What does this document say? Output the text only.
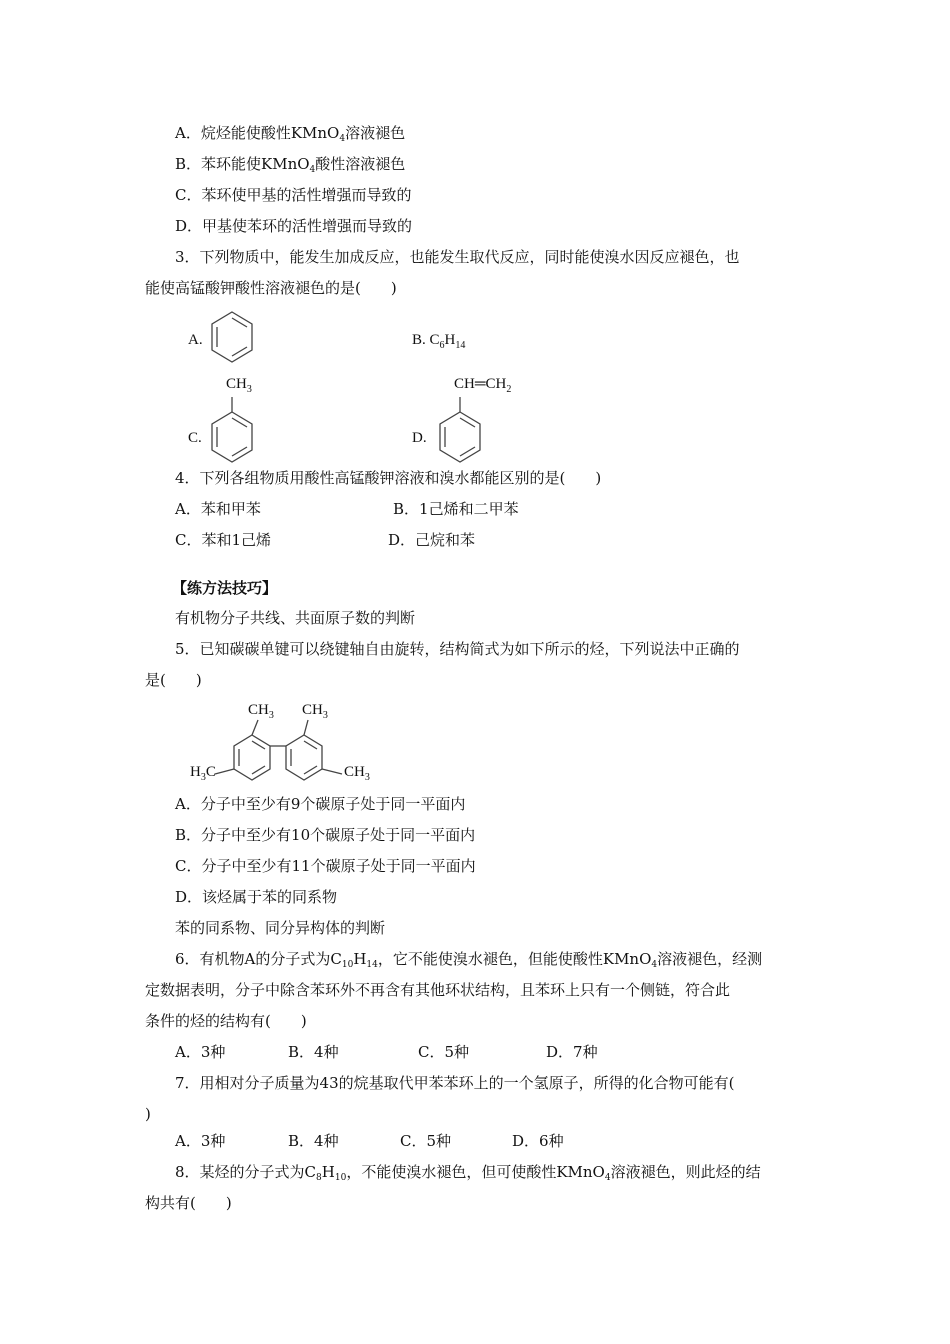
A．烷烃能使酸性KMnO$_4$溶液褪色
B．苯环能使KMnO$_4$酸性溶液褪色
C．苯环使甲基的活性增强而导致的
D．甲基使苯环的活性增强而导致的
3．下列物质中，能发生加成反应，也能发生取代反应，同时能使溴水因反应褪色，也
能使高锰酸钾酸性溶液褪色的是(　　)
A.	B. $C_6H_{14}$
$CH_3$
C.
$CH═CH_2$
D.
4．下列各组物质用酸性高锰酸钾溶液和溴水都能区别的是(　　)
A．苯和甲苯	B．1己烯和二甲苯
C．苯和1己烯	D．己烷和苯
【练方法技巧】
有机物分子共线、共面原子数的判断
5．已知碳碳单键可以绕键轴自由旋转，结构简式为如下所示的烃，下列说法中正确的
是(　　)
$CH_3$ $CH_3$
$H_3C$	$CH_3$
A．分子中至少有9个碳原子处于同一平面内
B．分子中至少有10个碳原子处于同一平面内
C．分子中至少有11个碳原子处于同一平面内
D．该烃属于苯的同系物
苯的同系物、同分异构体的判断
6．有机物A的分子式为$C_{10}H_{14}$，它不能使溴水褪色，但能使酸性KMnO$_4$溶液褪色，经测
定数据表明，分子中除含苯环外不再含有其他环状结构，且苯环上只有一个侧链，符合此
条件的烃的结构有(　　)
A．3种	B．4种	C．5种	D．7种
7．用相对分子质量为43的烷基取代甲苯苯环上的一个氢原子，所得的化合物可能有(
)
A．3种	B．4种	C．5种	D．6种
8．某烃的分子式为$C_8H_{10}$，不能使溴水褪色，但可使酸性KMnO$_4$溶液褪色，则此烃的结
构共有(　　)
